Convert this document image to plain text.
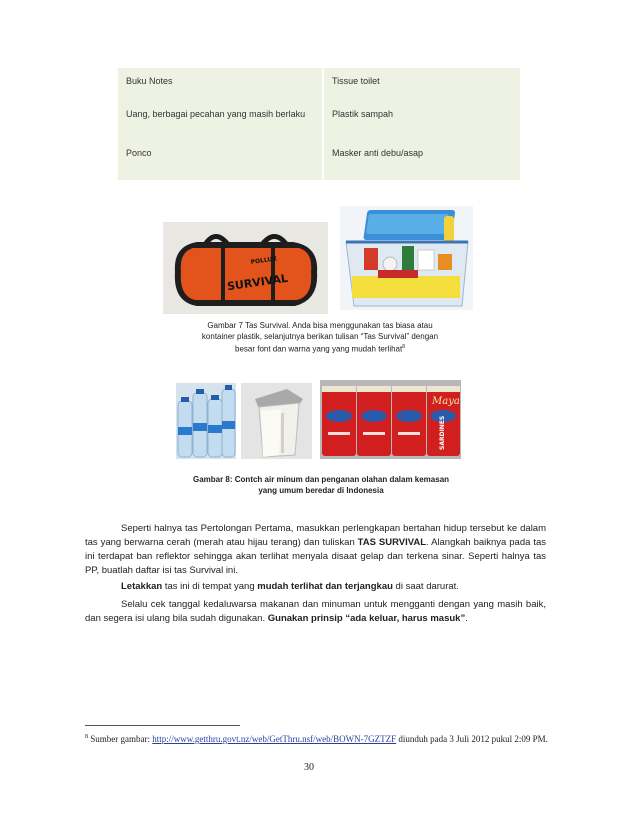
Buku Notes	Tissue toilet
Uang, berbagai pecahan yang masih berlaku	Plastik sampah
Ponco	Masker anti debu/asap
POLLUX
SURVIVAL
Gambar 7 Tas Survival. Anda bisa menggunakan tas biasa atau
kontainer plastik, selanjutnya berikan tulisan “Tas Survival” dengan
besar font dan warna yang yang mudah terlihat$^8$
Maya
SARDINES
Gambar 8: Contch air minum dan penganan olahan dalam kemasan
yang umum beredar di Indonesia
Seperti halnya tas Pertolongan Pertama, masukkan perlengkapan bertahan hidup tersebut ke dalam tas yang berwarna cerah (merah atau hijau terang) dan tuliskan TAS SURVIVAL. Alangkah baiknya pada tas ini terdapat ban reflektor sehingga akan terlihat menyala disaat gelap dan terkena sinar. Seperti halnya tas PP, buatlah daftar isi tas Survival ini.
Letakkan tas ini di tempat yang mudah terlihat dan terjangkau di saat darurat.
Selalu cek tanggal kedaluwarsa makanan dan minuman untuk mengganti dengan yang masih baik, dan segera isi ulang bila sudah digunakan. Gunakan prinsip “ada keluar, harus masuk”.
$^8$ Sumber gambar: http://www.getthru.govt.nz/web/GetThru.nsf/web/BOWN-7GZTZF diunduh pada 3 Juli 2012 pukul 2:09 PM.
30
